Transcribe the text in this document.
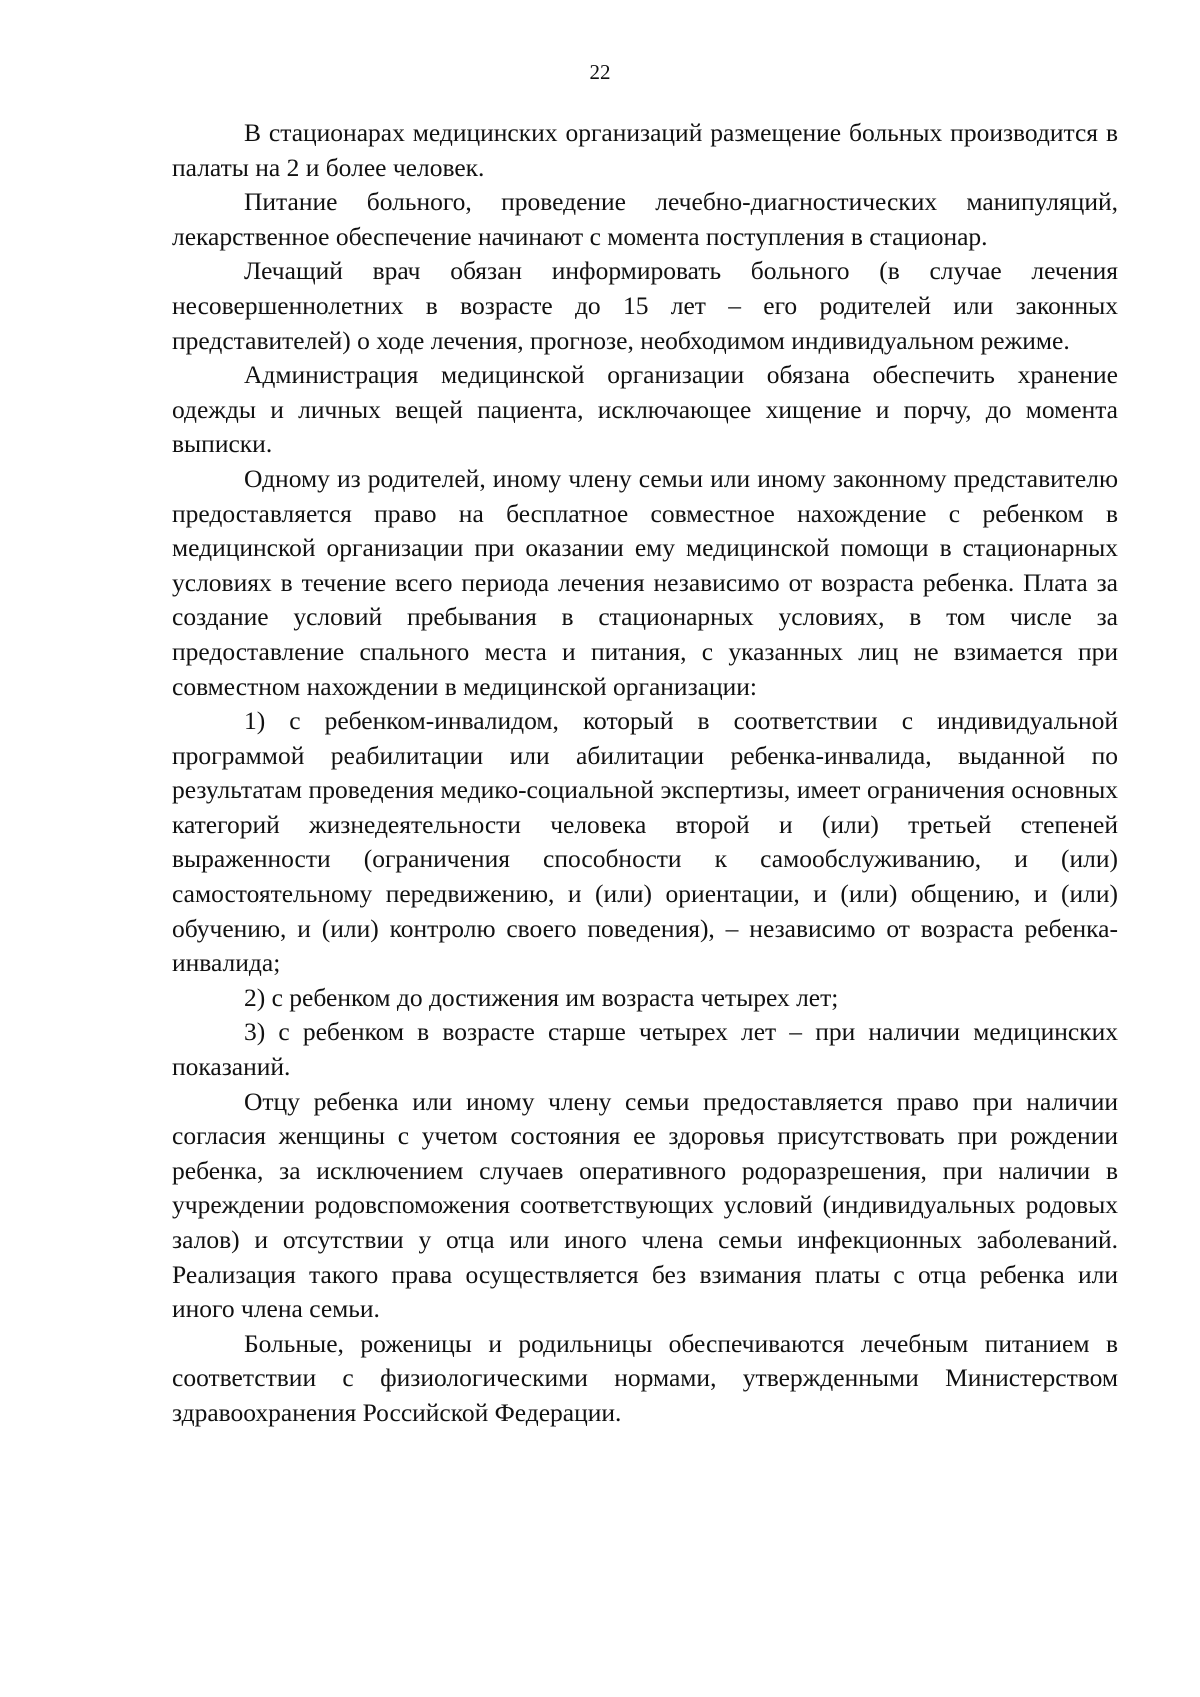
22

В стационарах медицинских организаций размещение больных производится в палаты на 2 и более человек.

Питание больного, проведение лечебно-диагностических манипуляций, лекарственное обеспечение начинают с момента поступления в стационар.

Лечащий врач обязан информировать больного (в случае лечения несовершеннолетних в возрасте до 15 лет – его родителей или законных представителей) о ходе лечения, прогнозе, необходимом индивидуальном режиме.

Администрация медицинской организации обязана обеспечить хранение одежды и личных вещей пациента, исключающее хищение и порчу, до момента выписки.

Одному из родителей, иному члену семьи или иному законному представителю предоставляется право на бесплатное совместное нахождение с ребенком в медицинской организации при оказании ему медицинской помощи в стационарных условиях в течение всего периода лечения независимо от возраста ребенка. Плата за создание условий пребывания в стационарных условиях, в том числе за предоставление спального места и питания, с указанных лиц не взимается при совместном нахождении в медицинской организации:

1) с ребенком-инвалидом, который в соответствии с индивидуальной программой реабилитации или абилитации ребенка-инвалида, выданной по результатам проведения медико-социальной экспертизы, имеет ограничения основных категорий жизнедеятельности человека второй и (или) третьей степеней выраженности (ограничения способности к самообслуживанию, и (или) самостоятельному передвижению, и (или) ориентации, и (или) общению, и (или) обучению, и (или) контролю своего поведения), – независимо от возраста ребенка-инвалида;

2) с ребенком до достижения им возраста четырех лет;

3) с ребенком в возрасте старше четырех лет – при наличии медицинских показаний.

Отцу ребенка или иному члену семьи предоставляется право при наличии согласия женщины с учетом состояния ее здоровья присутствовать при рождении ребенка, за исключением случаев оперативного родоразрешения, при наличии в учреждении родовспоможения соответствующих условий (индивидуальных родовых залов) и отсутствии у отца или иного члена семьи инфекционных заболеваний. Реализация такого права осуществляется без взимания платы с отца ребенка или иного члена семьи.

Больные, роженицы и родильницы обеспечиваются лечебным питанием в соответствии с физиологическими нормами, утвержденными Министерством здравоохранения Российской Федерации.
